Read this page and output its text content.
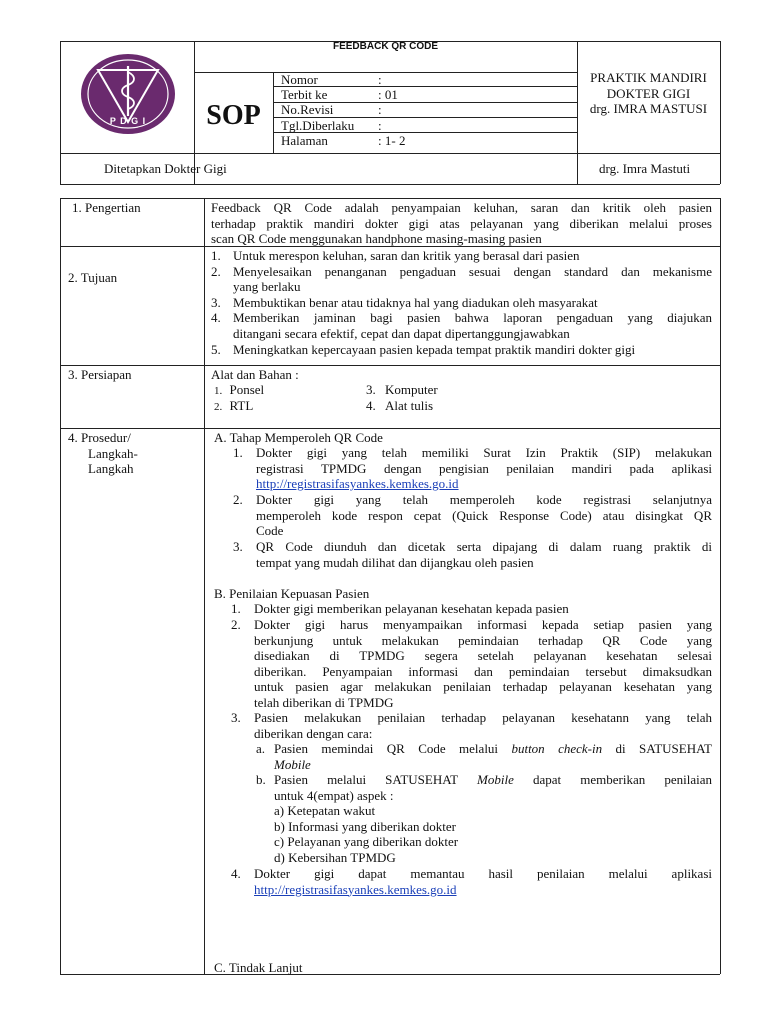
P D G I
FEEDBACK QR CODE
SOP
Nomor	:
Terbit ke	: 01
No.Revisi	:
Tgl.Diberlaku :
Halaman	: 1- 2
PRAKTIK MANDIRI
DOKTER GIGI
drg. IMRA MASTUSI
Ditetapkan Dokter Gigi	drg. Imra Mastuti
1. Pengertian	Feedback QR Code adalah penyampaian keluhan, saran dan kritik oleh pasien
terhadap praktik mandiri dokter gigi atas pelayanan yang diberikan melalui proses
scan QR Code menggunakan handphone masing-masing pasien
2. Tujuan
1. Untuk merespon keluhan, saran dan kritik yang berasal dari pasien
2. Menyelesaikan penanganan pengaduan sesuai dengan standard dan mekanisme
yang berlaku
3. Membuktikan benar atau tidaknya hal yang diadukan oleh masyarakat
4. Memberikan jaminan bagi pasien bahwa laporan pengaduan yang diajukan
ditangani secara efektif, cepat dan dapat dipertanggungjawabkan
5. Meningkatkan kepercayaan pasien kepada tempat praktik mandiri dokter gigi
3. Persiapan	Alat dan Bahan :
1. Ponsel
2. RTL
3. Komputer
4. Alat tulis
4. Prosedur/
Langkah-
Langkah
A. Tahap Memperoleh QR Code
1. Dokter gigi yang telah memiliki Surat Izin Praktik (SIP) melakukan
registrasi TPMDG dengan pengisian penilaian mandiri pada aplikasi
http://registrasifasyankes.kemkes.go.id
2. Dokter gigi yang telah memperoleh kode registrasi selanjutnya
memperoleh kode respon cepat (Quick Response Code) atau disingkat QR
Code
3. QR Code diunduh dan dicetak serta dipajang di dalam ruang praktik di
tempat yang mudah dilihat dan dijangkau oleh pasien
B. Penilaian Kepuasan Pasien
1.	Dokter gigi memberikan pelayanan kesehatan kepada pasien
2. Dokter gigi harus menyampaikan informasi kepada setiap pasien yang
berkunjung untuk melakukan pemindaian terhadap QR Code yang
disediakan di TPMDG segera setelah pelayanan kesehatan selesai
diberikan. Penyampaian informasi dan pemindaian tersebut dimaksudkan
untuk pasien agar melakukan penilaian terhadap pelayanan kesehatan yang
telah diberikan di TPMDG
3. Pasien melakukan penilaian terhadap pelayanan kesehatann yang telah
diberikan dengan cara:
a. Pasien memindai QR Code melalui button check-in di SATUSEHAT
Mobile
b. Pasien melalui SATUSEHAT Mobile dapat memberikan penilaian
untuk 4(empat) aspek :
a) Ketepatan wakut
b) Informasi yang diberikan dokter
c) Pelayanan yang diberikan dokter
d) Kebersihan TPMDG
4. Dokter gigi dapat memantau hasil penilaian melalui aplikasi
http://registrasifasyankes.kemkes.go.id
C. Tindak Lanjut
